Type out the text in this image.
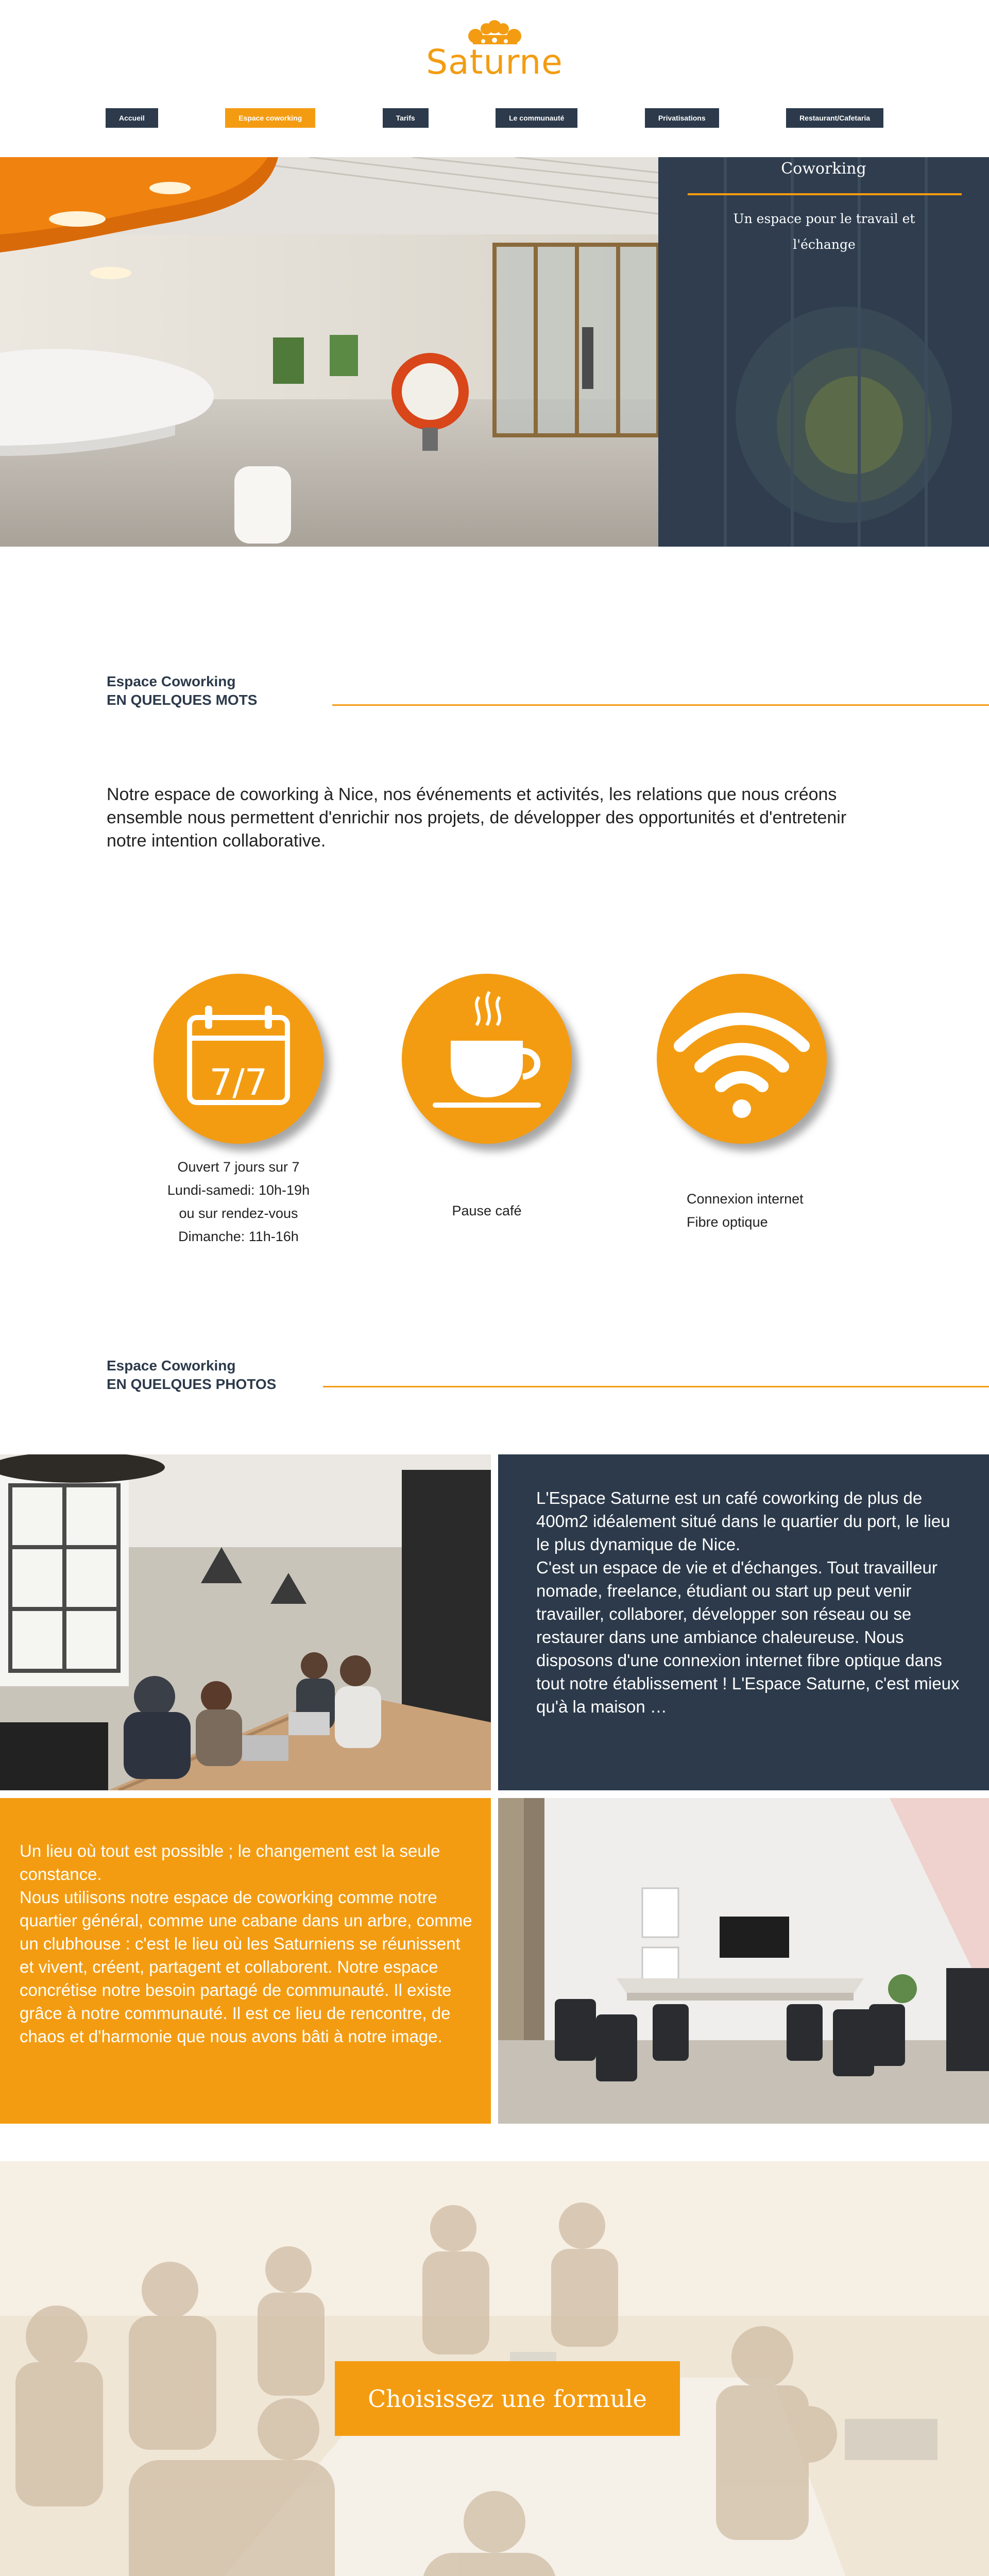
Saturne
Accueil	Espace coworking	Tarifs	Le communauté	Privatisations	Restaurant/Cafetaria
Coworking
Un espace pour le travail et l'échange
Espace Coworking
EN QUELQUES MOTS
Notre espace de coworking à Nice, nos événements et activités, les relations que nous créons ensemble nous permettent d'enrichir nos projets, de développer des opportunités et d'entretenir notre intention collaborative.
7/7
Ouvert 7 jours sur 7
Lundi-samedi: 10h-19h
ou sur rendez-vous
Dimanche: 11h-16h
Pause café
Connexion internet
Fibre optique
Espace Coworking
EN QUELQUES PHOTOS
L'Espace Saturne est un café coworking de plus de 400m2 idéalement situé dans le quartier du port, le lieu le plus dynamique de Nice.
C'est un espace de vie et d'échanges. Tout travailleur nomade, freelance, étudiant ou start up peut venir travailler, collaborer, développer son réseau ou se restaurer dans une ambiance chaleureuse. Nous disposons d'une connexion internet fibre optique dans tout notre établissement ! L'Espace Saturne, c'est mieux qu'à la maison …
Un lieu où tout est possible ; le changement est la seule constance.
Nous utilisons notre espace de coworking comme notre quartier général, comme une cabane dans un arbre, comme un clubhouse : c'est le lieu où les Saturniens se réunissent et vivent, créent, partagent et collaborent. Notre espace concrétise notre besoin partagé de communauté. Il existe grâce à notre communauté. Il est ce lieu de rencontre, de chaos et d'harmonie que nous avons bâti à notre image.
Choisissez une formule
